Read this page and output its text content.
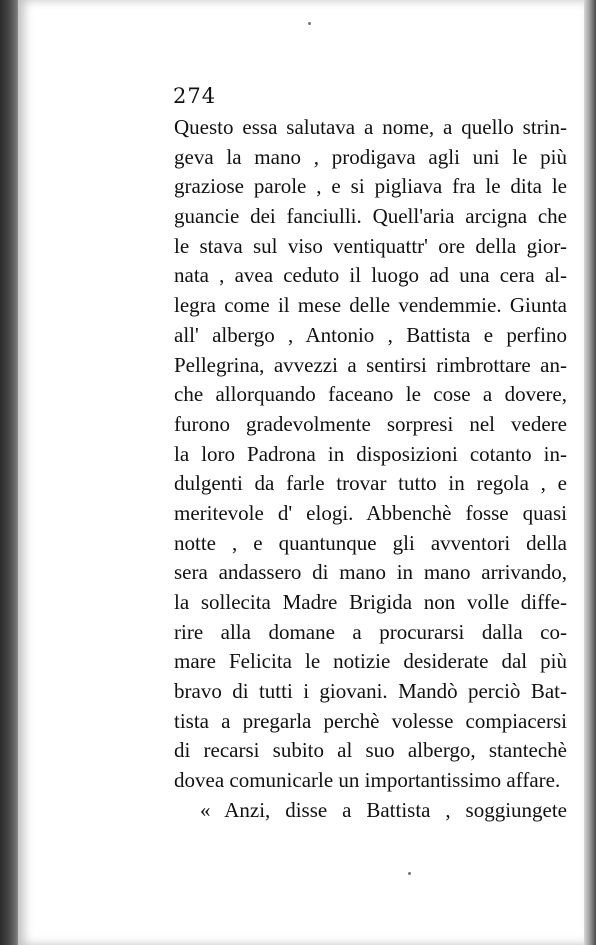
274
Questo essa salutava a nome, a quello strin-
geva la mano , prodigava agli uni le più
graziose parole , e si pigliava fra le dita le
guancie dei fanciulli. Quell'aria arcigna che
le stava sul viso ventiquattr' ore della gior-
nata , avea ceduto il luogo ad una cera al-
legra come il mese delle vendemmie. Giunta
all' albergo , Antonio , Battista e perfino
Pellegrina, avvezzi a sentirsi rimbrottare an-
che allorquando faceano le cose a dovere,
furono gradevolmente sorpresi nel vedere
la loro Padrona in disposizioni cotanto in-
dulgenti da farle trovar tutto in regola , e
meritevole d' elogi. Abbenchè fosse quasi
notte , e quantunque gli avventori della
sera andassero di mano in mano arrivando,
la sollecita Madre Brigida non volle diffe-
rire alla domane a procurarsi dalla co-
mare Felicita le notizie desiderate dal più
bravo di tutti i giovani. Mandò perciò Bat-
tista a pregarla perchè volesse compiacersi
di recarsi subito al suo albergo, stantechè
dovea comunicarle un importantissimo affare.
« Anzi, disse a Battista , soggiungete
